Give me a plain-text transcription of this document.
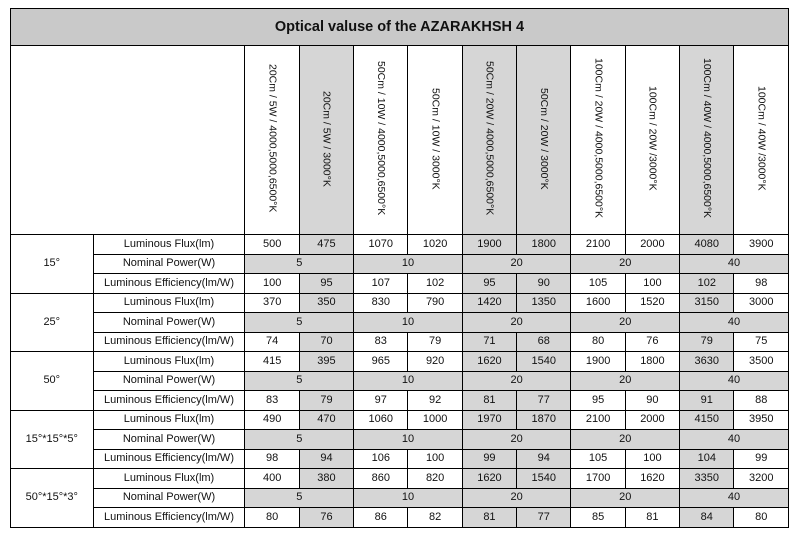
Optical valuse of the AZARAKHSH 4											
		20Cm / 5W / 4000,5000,6500°K	20Cm / 5W / 3000°K	50Cm / 10W / 4000,5000,6500°K	50Cm / 10W / 3000°K	50Cm / 20W / 4000,5000,6500°K	50Cm / 20W / 3000°K	100Cm / 20W / 4000,5000,6500°K	100Cm / 20W /3000°K	100Cm / 40W / 4000,5000,6500°K	100Cm / 40W /3000°K
15°	Luminous Flux(lm)	500	475	1070	1020	1900	1800	2100	2000	4080	3900
	Nominal Power(W)	5		10		20		20		40	
	Luminous Efficiency(lm/W)	100	95	107	102	95	90	105	100	102	98
25°	Luminous Flux(lm)	370	350	830	790	1420	1350	1600	1520	3150	3000
	Nominal Power(W)	5		10		20		20		40	
	Luminous Efficiency(lm/W)	74	70	83	79	71	68	80	76	79	75
50°	Luminous Flux(lm)	415	395	965	920	1620	1540	1900	1800	3630	3500
	Nominal Power(W)	5		10		20		20		40	
	Luminous Efficiency(lm/W)	83	79	97	92	81	77	95	90	91	88
15°*15°*5°	Luminous Flux(lm)	490	470	1060	1000	1970	1870	2100	2000	4150	3950
	Nominal Power(W)	5		10		20		20		40	
	Luminous Efficiency(lm/W)	98	94	106	100	99	94	105	100	104	99
50°*15°*3°	Luminous Flux(lm)	400	380	860	820	1620	1540	1700	1620	3350	3200
	Nominal Power(W)	5		10		20		20		40	
	Luminous Efficiency(lm/W)	80	76	86	82	81	77	85	81	84	80
